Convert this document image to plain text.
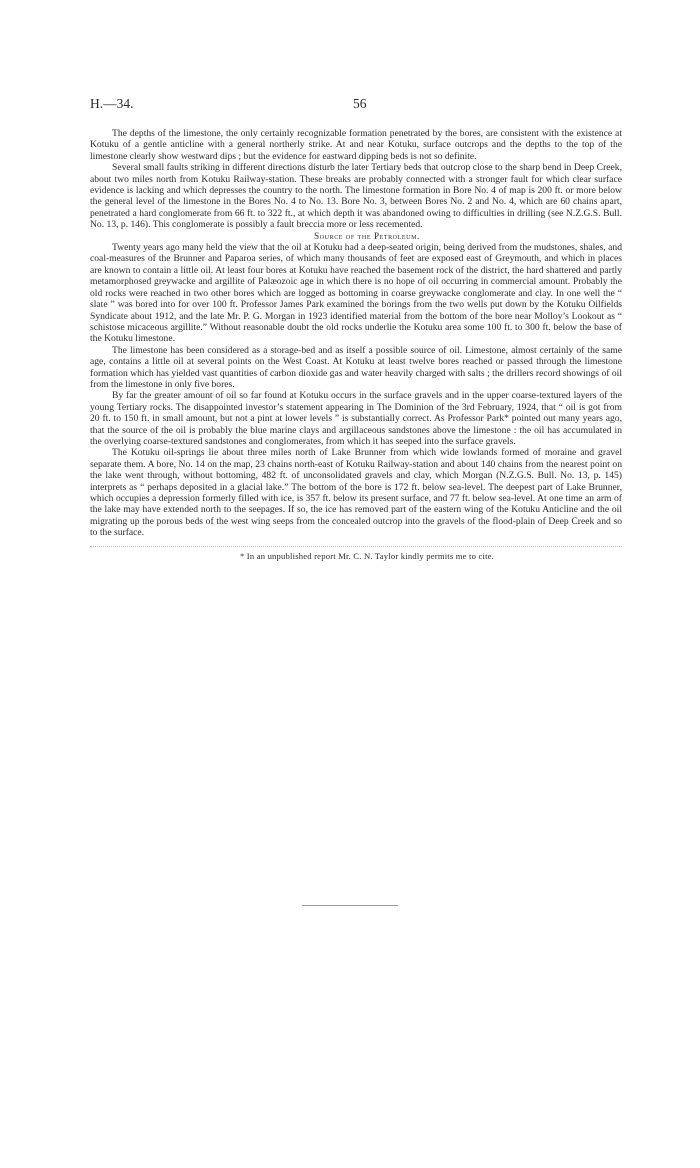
H.—34.	56

The depths of the limestone, the only certainly recognizable formation penetrated by the bores, are consistent with the existence at Kotuku of a gentle anticline with a general northerly strike. At and near Kotuku, surface outcrops and the depths to the top of the limestone clearly show westward dips ; but the evidence for eastward dipping beds is not so definite.

Several small faults striking in different directions disturb the later Tertiary beds that outcrop close to the sharp bend in Deep Creek, about two miles north from Kotuku Railway-station. These breaks are probably connected with a stronger fault for which clear surface evidence is lacking and which depresses the country to the north. The limestone formation in Bore No. 4 of map is 200 ft. or more below the general level of the limestone in the Bores No. 4 to No. 13. Bore No. 3, between Bores No. 2 and No. 4, which are 60 chains apart, penetrated a hard conglomerate from 66 ft. to 322 ft., at which depth it was abandoned owing to difficulties in drilling (see N.Z.G.S. Bull. No. 13, p. 146). This conglomerate is possibly a fault breccia more or less recemented.

Source of the Petroleum.

Twenty years ago many held the view that the oil at Kotuku had a deep-seated origin, being derived from the mudstones, shales, and coal-measures of the Brunner and Paparoa series, of which many thousands of feet are exposed east of Greymouth, and which in places are known to contain a little oil. At least four bores at Kotuku have reached the basement rock of the district, the hard shattered and partly metamorphosed greywacke and argillite of Palæozoic age in which there is no hope of oil occurring in commercial amount. Probably the old rocks were reached in two other bores which are logged as bottoming in coarse greywacke conglomerate and clay. In one well the “ slate ” was bored into for over 100 ft. Professor James Park examined the borings from the two wells put down by the Kotuku Oilfields Syndicate about 1912, and the late Mr. P. G. Morgan in 1923 identified material from the bottom of the bore near Molloy’s Lookout as “ schistose micaceous argillite.” Without reasonable doubt the old rocks underlie the Kotuku area some 100 ft. to 300 ft. below the base of the Kotuku limestone.

The limestone has been considered as a storage-bed and as itself a possible source of oil. Limestone, almost certainly of the same age, contains a little oil at several points on the West Coast. At Kotuku at least twelve bores reached or passed through the limestone formation which has yielded vast quantities of carbon dioxide gas and water heavily charged with salts ; the drillers record showings of oil from the limestone in only five bores.

By far the greater amount of oil so far found at Kotuku occurs in the surface gravels and in the upper coarse-textured layers of the young Tertiary rocks. The disappointed investor’s statement appearing in The Dominion of the 3rd February, 1924, that “ oil is got from 20 ft. to 150 ft. in small amount, but not a pint at lower levels ” is substantially correct. As Professor Park* pointed out many years ago, that the source of the oil is probably the blue marine clays and argillaceous sandstones above the limestone : the oil has accumulated in the overlying coarse-textured sandstones and conglomerates, from which it has seeped into the surface gravels.

The Kotuku oil-springs lie about three miles north of Lake Brunner from which wide lowlands formed of moraine and gravel separate them. A bore, No. 14 on the map, 23 chains north-east of Kotuku Railway-station and about 140 chains from the nearest point on the lake went through, without bottoming, 482 ft. of unconsolidated gravels and clay, which Morgan (N.Z.G.S. Bull. No. 13, p. 145) interprets as “ perhaps deposited in a glacial lake.” The bottom of the bore is 172 ft. below sea-level. The deepest part of Lake Brunner, which occupies a depression formerly filled with ice, is 357 ft. below its present surface, and 77 ft. below sea-level. At one time an arm of the lake may have extended north to the seepages. If so, the ice has removed part of the eastern wing of the Kotuku Anticline and the oil migrating up the porous beds of the west wing seeps from the concealed outcrop into the gravels of the flood-plain of Deep Creek and so to the surface.

* In an unpublished report Mr. C. N. Taylor kindly permits me to cite.
